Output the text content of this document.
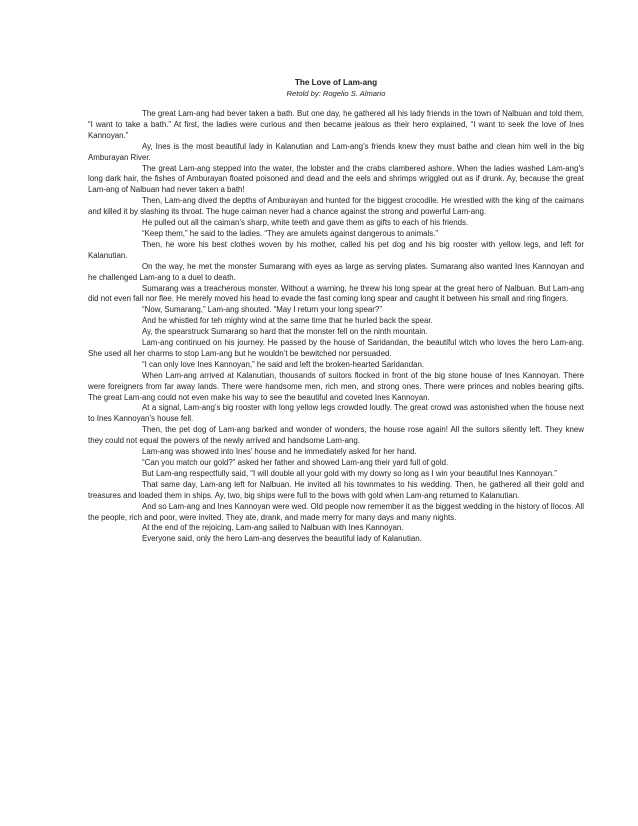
The Love of Lam-ang
Retold by: Rogelio S. Almario

The great Lam-ang had bever taken a bath. But one day, he gathered all his lady friends in the town of Nalbuan and told them, “I want to take a bath.” At first, the ladies were curious and then became jealous as their hero explained, “I want to seek the love of Ines Kannoyan.”

Ay, Ines is the most beautiful lady in Kalanutian and Lam-ang’s friends knew they must bathe and clean him well in the big Amburayan River.

The great Lam-ang stepped into the water, the lobster and the crabs clambered ashore. When the ladies washed Lam-ang’s long dark hair, the fishes of Amburayan floated poisoned and dead and the eels and shrimps wriggled out as if drunk. Ay, because the great Lam-ang of Nalbuan had never taken a bath!

Then, Lam-ang dived the depths of Amburayan and hunted for the biggest crocodile. He wrestled with the king of the caimans and killed it by slashing its throat. The huge caiman never had a chance against the strong and powerful Lam-ang.

He pulled out all the caiman’s sharp, white teeth and gave them as gifts to each of his friends.

“Keep them,” he said to the ladies. “They are amulets against dangerous to animals.”

Then, he wore his best clothes woven by his mother, called his pet dog and his big rooster with yellow legs, and left for Kalanutian.

On the way, he met the monster Sumarang with eyes as large as serving plates. Sumarang also wanted Ines Kannoyan and he challenged Lam-ang to a duel to death.

Sumarang was a treacherous monster. Without a warning, he threw his long spear at the great hero of Nalbuan. But Lam-ang did not even fall nor flee. He merely moved his head to evade the fast coming long spear and caught it between his small and ring fingers.

“Now, Sumarang,” Lam-ang shouted. “May I return your long spear?”

And he whistled for teh mighty wind at the same time that he hurled back the spear.

Ay, the spearstruck Sumarang so hard that the monster fell on the ninth mountain.

Lam-ang continued on his journey. He passed by the house of Saridandan, the beautiful witch who loves the hero Lam-ang. She used all her charms to stop Lam-ang but he wouldn’t be bewitched nor persuaded.

“I can only love Ines Kannoyan,” he said and left the broken-hearted Saridandan.

When Lam-ang arrived at Kalanutian, thousands of suitors flocked in front of the big stone house of Ines Kannoyan. There were foreigners from far away lands. There were handsome men, rich men, and strong ones. There were princes and nobles bearing gifts. The great Lam-ang could not even make his way to see the beautiful and coveted Ines Kannoyan.

At a signal, Lam-ang’s big rooster with long yellow legs crowded loudly. The great crowd was astonished when the house next to Ines Kannoyan’s house fell.

Then, the pet dog of Lam-ang barked and wonder of wonders, the house rose again! All the suitors silently left. They knew they could not equal the powers of the newly arrived and handsome Lam-ang.

Lam-ang was showed into Ines’ house and he immediately asked for her hand.

“Can you match our gold?” asked her father and showed Lam-ang their yard full of gold.

But Lam-ang respectfully said, “I will double all your gold with my dowry so long as I win your beautiful Ines Kannoyan.”

That same day, Lam-ang left for Nalbuan. He invited all his townmates to his wedding. Then, he gathered all their gold and treasures and loaded them in ships. Ay, two, big ships were full to the bows with gold when Lam-ang returned to Kalanutian.

And so Lam-ang and Ines Kannoyan were wed. Old people now remember it as the biggest wedding in the history of Ilocos. All the people, rich and poor, were invited. They ate, drank, and made merry for many days and many nights.

At the end of the rejoicing, Lam-ang sailed to Nalbuan with Ines Kannoyan.

Everyone said, only the hero Lam-ang deserves the beautiful lady of Kalanutian.
